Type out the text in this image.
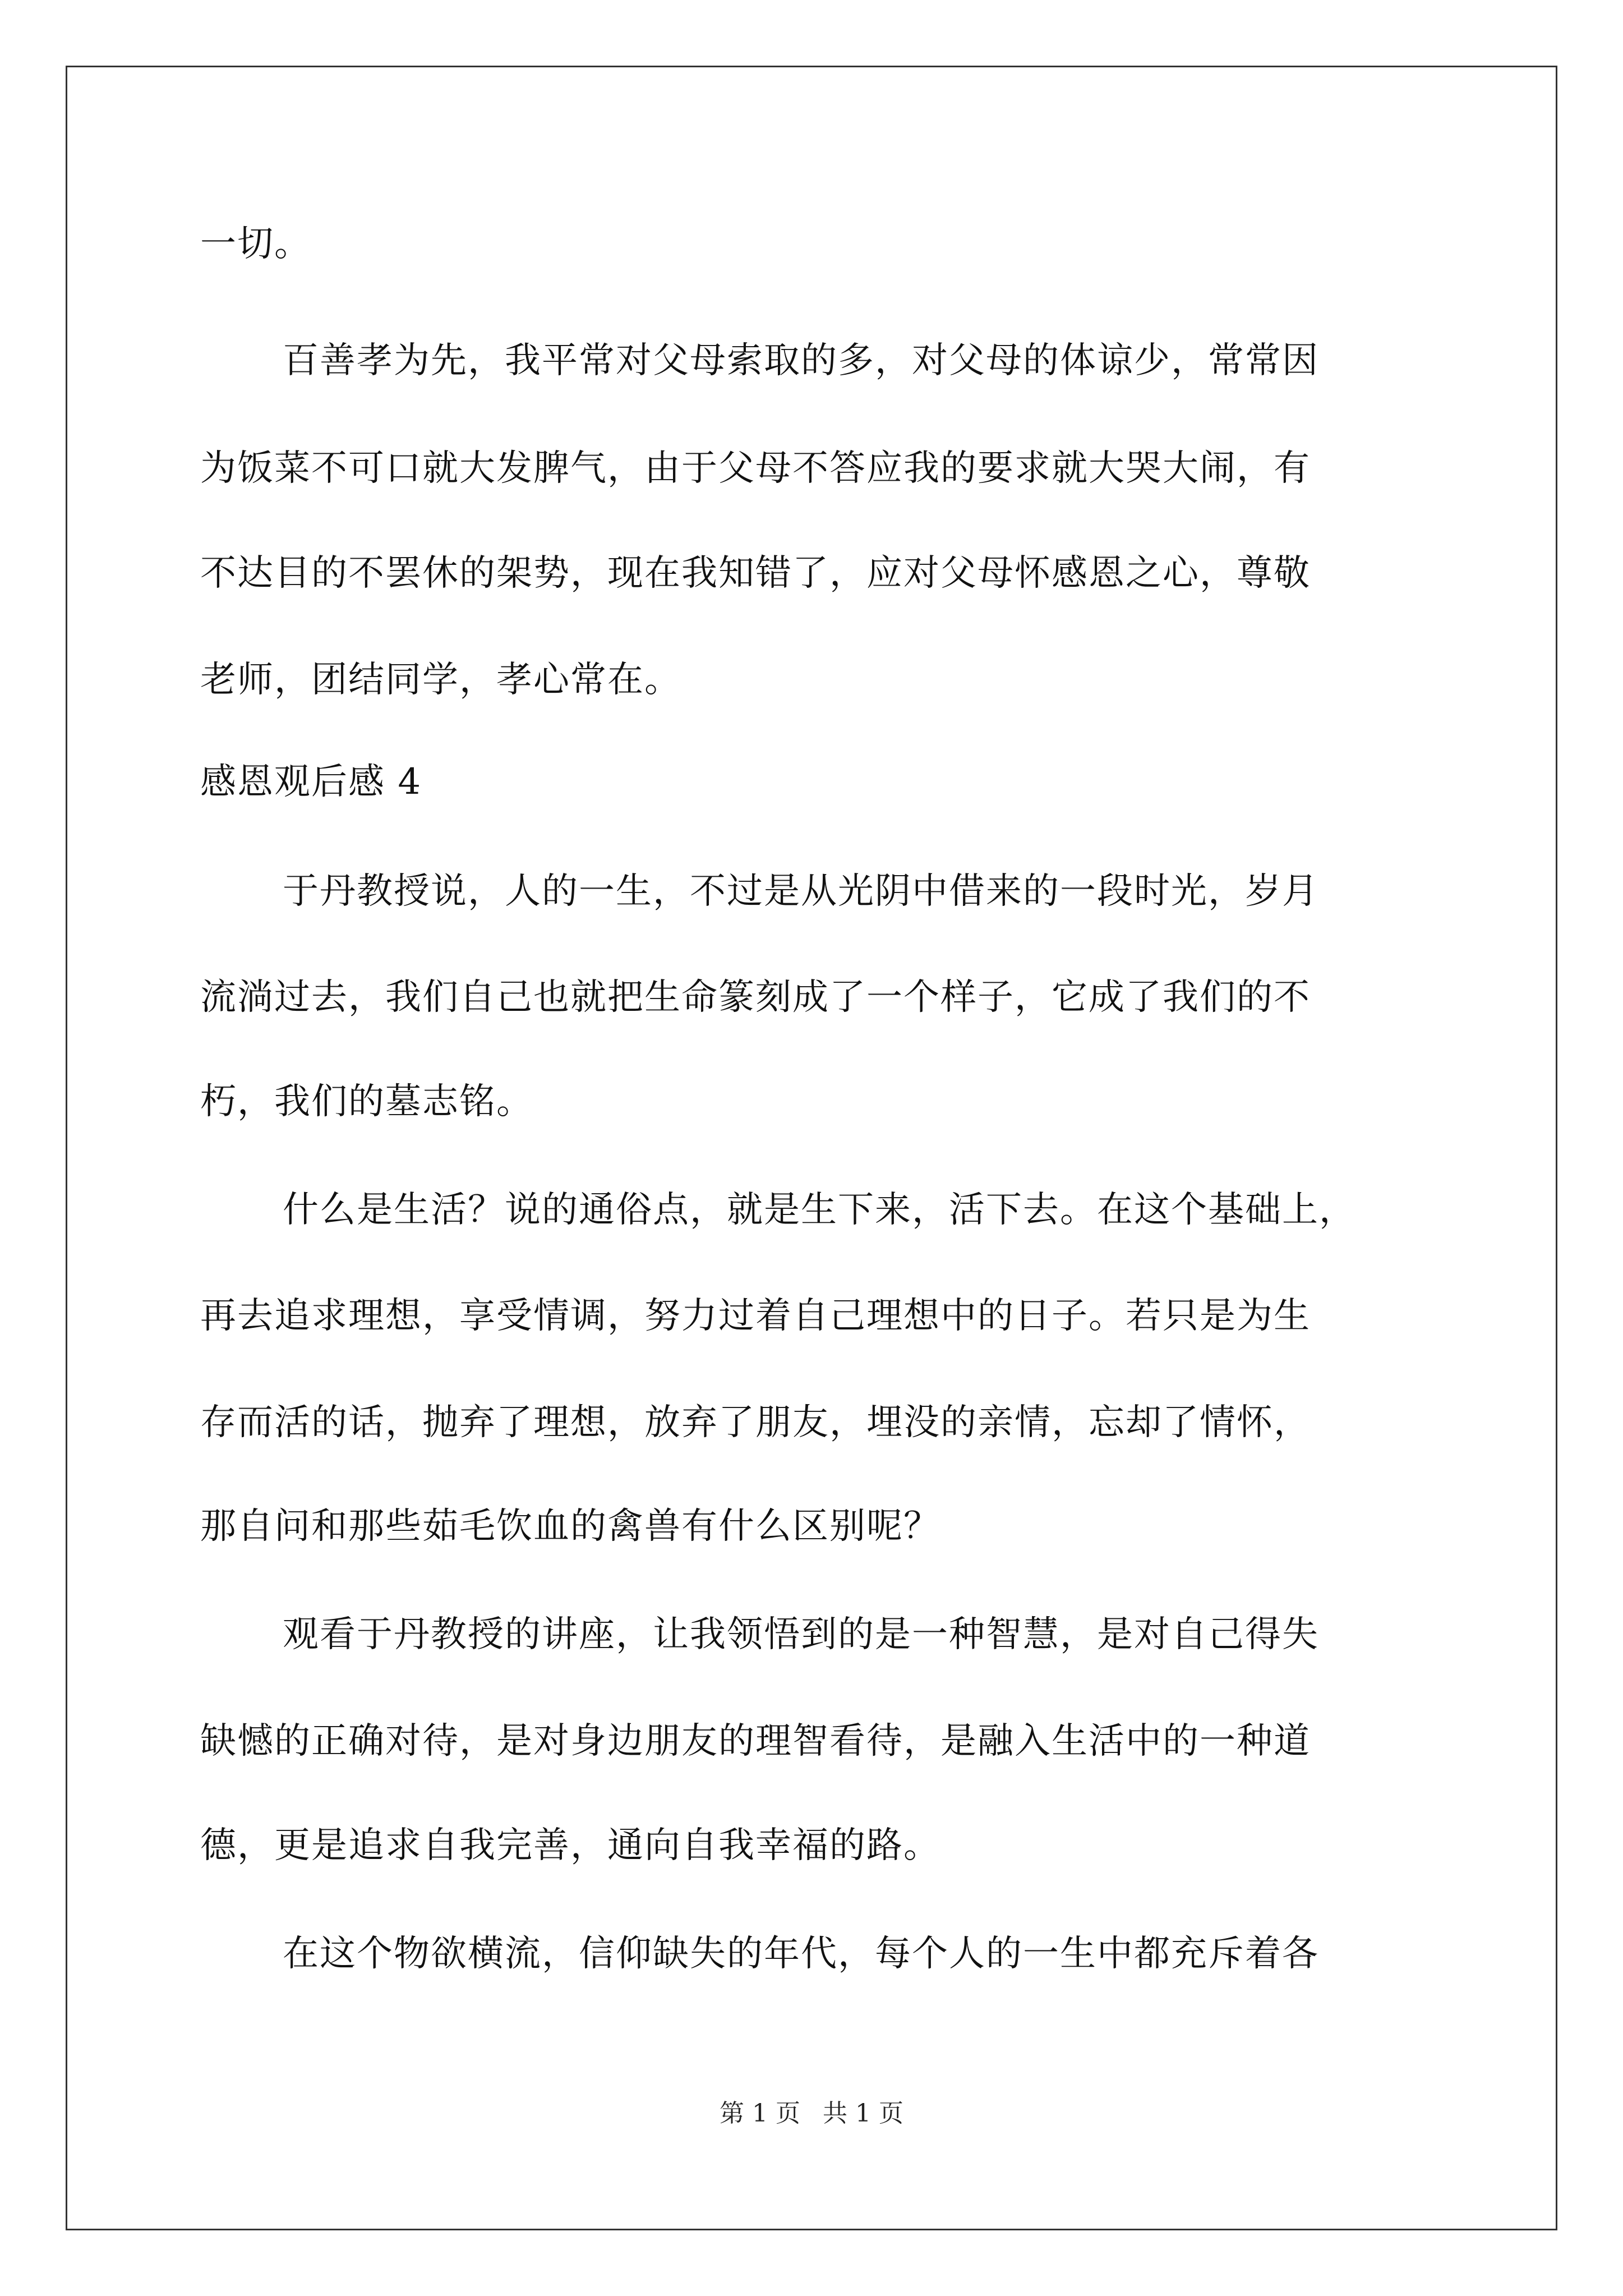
一切。
百善孝为先，我平常对父母索取的多，对父母的体谅少，常常因
为饭菜不可口就大发脾气，由于父母不答应我的要求就大哭大闹，有
不达目的不罢休的架势，现在我知错了，应对父母怀感恩之心，尊敬
老师，团结同学，孝心常在。
感恩观后感 4
于丹教授说，人的一生，不过是从光阴中借来的一段时光，岁月
流淌过去，我们自己也就把生命篆刻成了一个样子，它成了我们的不
朽，我们的墓志铭。
什么是生活？说的通俗点，就是生下来，活下去。在这个基础上，
再去追求理想，享受情调，努力过着自己理想中的日子。若只是为生
存而活的话，抛弃了理想，放弃了朋友，埋没的亲情，忘却了情怀，
那自问和那些茹毛饮血的禽兽有什么区别呢？
观看于丹教授的讲座，让我领悟到的是一种智慧，是对自己得失
缺憾的正确对待，是对身边朋友的理智看待，是融入生活中的一种道
德，更是追求自我完善，通向自我幸福的路。
在这个物欲横流，信仰缺失的年代，每个人的一生中都充斥着各
第 1 页 共 1 页
